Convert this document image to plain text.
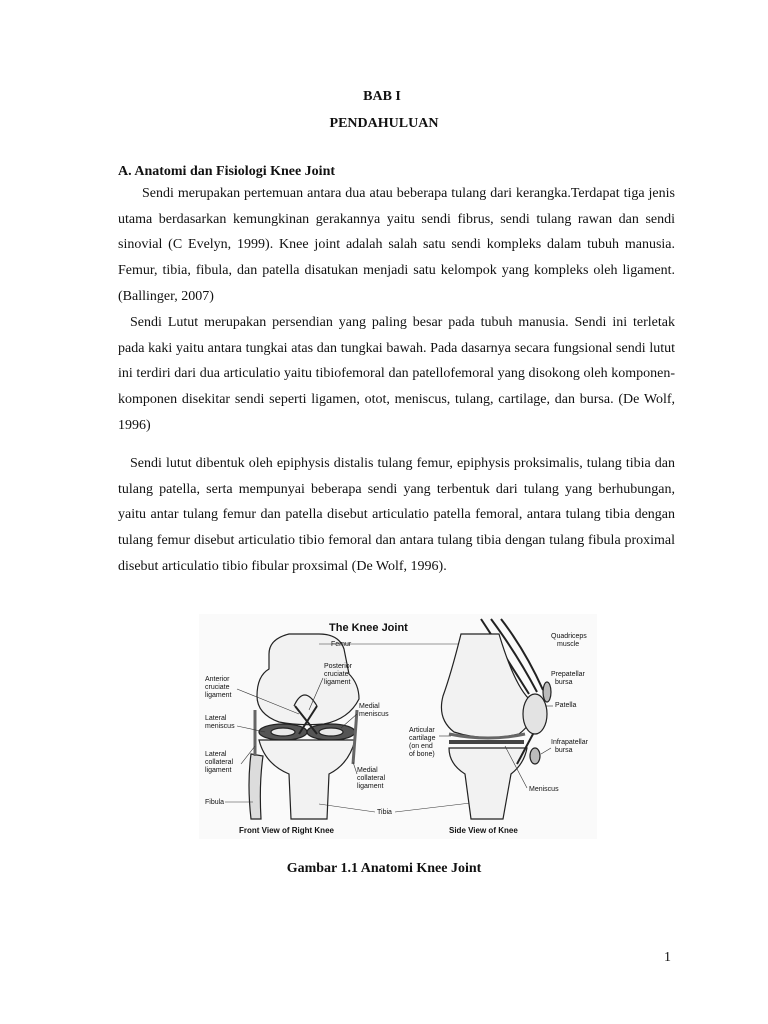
BAB I
PENDAHULUAN
A. Anatomi dan Fisiologi Knee Joint

Sendi merupakan pertemuan antara dua atau beberapa tulang dari kerangka.Terdapat tiga jenis utama berdasarkan kemungkinan gerakannya yaitu sendi fibrus, sendi tulang rawan dan sendi sinovial (C Evelyn, 1999). Knee joint adalah salah satu sendi kompleks dalam tubuh manusia. Femur, tibia, fibula, dan patella disatukan menjadi satu kelompok yang kompleks oleh ligament. (Ballinger, 2007)

Sendi Lutut merupakan persendian yang paling besar pada tubuh manusia. Sendi ini terletak pada kaki yaitu antara tungkai atas dan tungkai bawah. Pada dasarnya secara fungsional sendi lutut ini terdiri dari dua articulatio yaitu tibiofemoral dan patellofemoral yang disokong oleh komponen-komponen disekitar sendi seperti ligamen, otot, meniscus, tulang, cartilage, dan bursa. (De Wolf, 1996)

Sendi lutut dibentuk oleh epiphysis distalis tulang femur, epiphysis proksimalis, tulang tibia dan tulang patella, serta mempunyai beberapa sendi yang terbentuk dari tulang yang berhubungan, yaitu antar tulang femur dan patella disebut articulatio patella femoral, antara tulang tibia dengan tulang femur disebut articulatio tibio femoral dan antara tulang tibia dengan tulang fibula proximal disebut articulatio tibio fibular proxsimal (De Wolf, 1996).

The Knee Joint
Femur
Anterior
cruciate
ligament
Lateral
meniscus
Lateral
collateral
ligament
Fibula
Posterior
cruciate
ligament
Medial
meniscus
Medial
collateral
ligament
Tibia
Quadriceps
muscle
Prepatellar
bursa
Patella
Infrapatellar
bursa
Articular
cartilage
(on end
of bone)
Meniscus
Front View of Right Knee	Side View of Knee
Gambar 1.1 Anatomi Knee Joint
1
